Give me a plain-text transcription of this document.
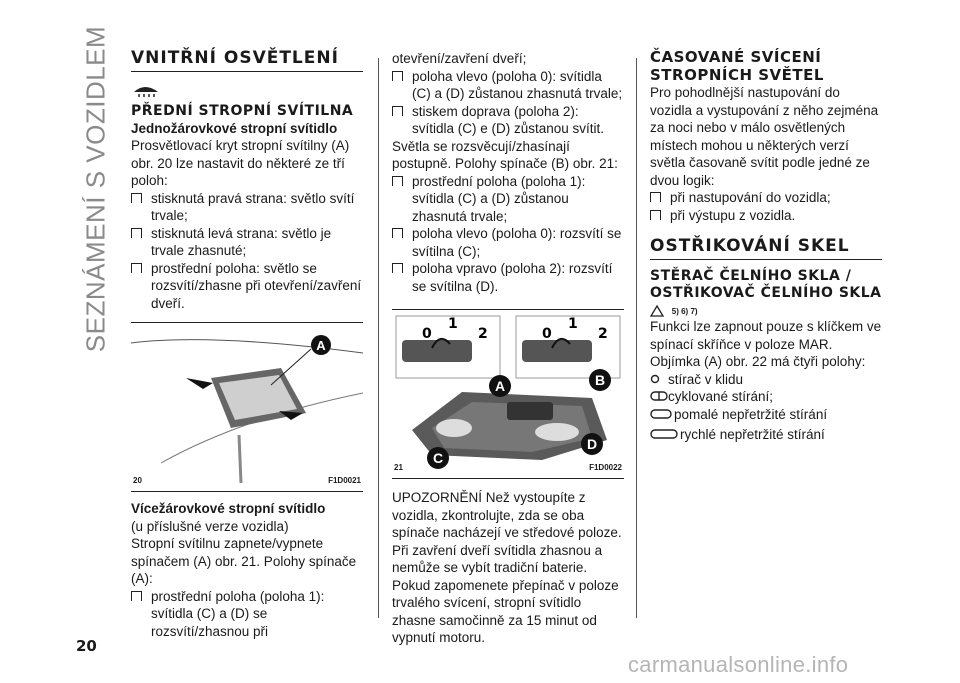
SEZNÁMENÍ S VOZIDLEM VNITŘNÍ OSVĚTLENÍ
PŘEDNÍ STROPNÍ SVÍTILNA

Jednožárovkové stropní svítidlo

Prosvětlovací kryt stropní svítilny (A) obr. 20 lze nastavit do některé ze tří poloh:

stisknutá pravá strana: světlo svítí trvale;
stisknutá levá strana: světlo je trvale zhasnuté;
prostřední poloha: světlo se rozsvítí/zhasne při otevření/zavření dveří.
A
20	F1D0021

Vícežárovkové stropní svítidlo

(u příslušné verze vozidla)

Stropní svítilnu zapnete/vypnete spínačem (A) obr. 21. Polohy spínače (A):

prostřední poloha (poloha 1): svítidla (C) a (D) se rozsvítí/zhasnou při

otevření/zavření dveří;

poloha vlevo (poloha 0): svítidla (C) a (D) zůstanou zhasnutá trvale;
stiskem doprava (poloha 2): svítidla (C) e (D) zůstanou svítit.

Světla se rozsvěcují/zhasínají postupně. Polohy spínače (B) obr. 21:

prostřední poloha (poloha 1): svítidla (C) a (D) zůstanou zhasnutá trvale;
poloha vlevo (poloha 0): rozsvítí se svítilna (C);
poloha vpravo (poloha 2): rozsvítí se svítilna (D).
0
1
2	0
1
2
A	B
C
D
21	F1D0022

UPOZORNĚNÍ Než vystoupíte z vozidla, zkontrolujte, zda se oba spínače nacházejí ve středové poloze. Při zavření dveří svítidla zhasnou a nemůže se vybít tradiční baterie. Pokud zapomenete přepínač v poloze trvalého svícení, stropní svítidlo zhasne samočinně za 15 minut od vypnutí motoru.

ČASOVANÉ SVÍCENÍ STROPNÍCH SVĚTEL

Pro pohodlnější nastupování do vozidla a vystupování z něho zejména za noci nebo v málo osvětlených místech mohou u některých verzí světla časovaně svítit podle jedné ze dvou logik:

při nastupování do vozidla;
při výstupu z vozidla.
OSTŘIKOVÁNÍ SKEL
STĚRAČ ČELNÍHO SKLA / OSTŘIKOVAČ ČELNÍHO SKLA
5) 6) 7)

Funkci lze zapnout pouze s klíčkem ve spínací skříňce v poloze MAR.

Objímka (A) obr. 22 má čtyři polohy:

stírač v klidu
cyklované stírání;
pomalé nepřetržité stírání
rychlé nepřetržité stírání
20
carmanualsonline.info
